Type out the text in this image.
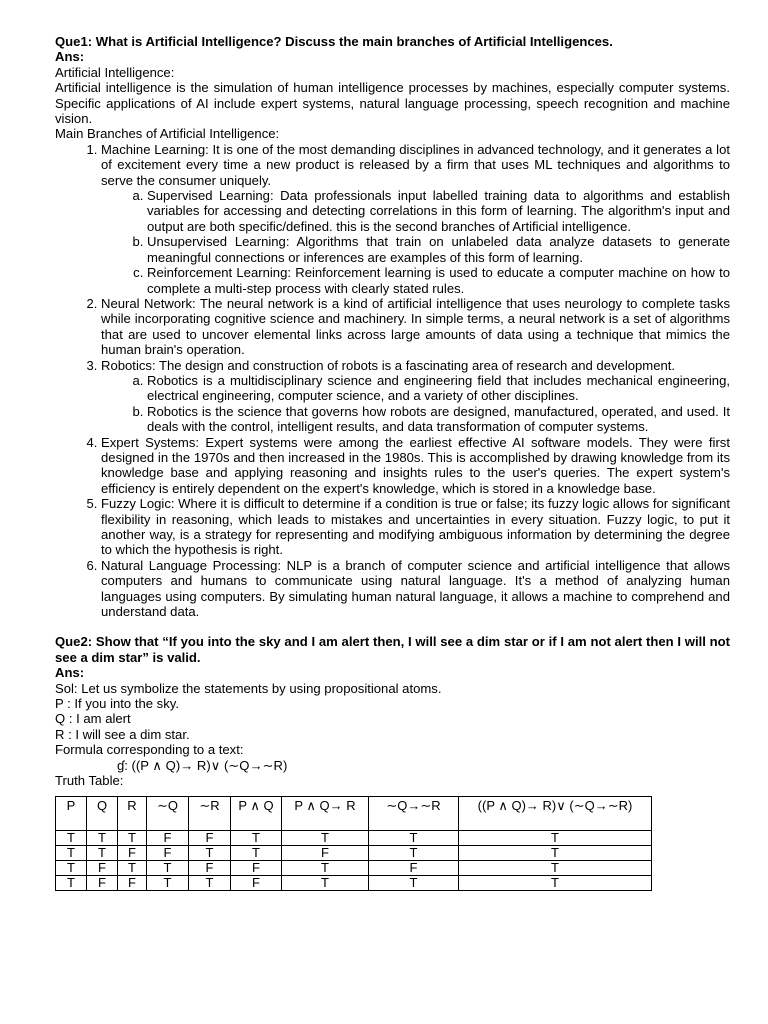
Que1: What is Artificial Intelligence? Discuss the main branches of Artificial Intelligences.
Ans:
Artificial Intelligence:
Artificial intelligence is the simulation of human intelligence processes by machines, especially computer systems. Specific applications of AI include expert systems, natural language processing, speech recognition and machine vision.
Main Branches of Artificial Intelligence:
1. Machine Learning: It is one of the most demanding disciplines in advanced technology, and it generates a lot of excitement every time a new product is released by a firm that uses ML techniques and algorithms to serve the consumer uniquely.
a. Supervised Learning: Data professionals input labelled training data to algorithms and establish variables for accessing and detecting correlations in this form of learning. The algorithm's input and output are both specific/defined. this is the second branches of Artificial intelligence.
b. Unsupervised Learning: Algorithms that train on unlabeled data analyze datasets to generate meaningful connections or inferences are examples of this form of learning.
c. Reinforcement Learning: Reinforcement learning is used to educate a computer machine on how to complete a multi-step process with clearly stated rules.
2. Neural Network: The neural network is a kind of artificial intelligence that uses neurology to complete tasks while incorporating cognitive science and machinery. In simple terms, a neural network is a set of algorithms that are used to uncover elemental links across large amounts of data using a technique that mimics the human brain's operation.
3. Robotics: The design and construction of robots is a fascinating area of research and development.
a. Robotics is a multidisciplinary science and engineering field that includes mechanical engineering, electrical engineering, computer science, and a variety of other disciplines.
b. Robotics is the science that governs how robots are designed, manufactured, operated, and used. It deals with the control, intelligent results, and data transformation of computer systems.
4. Expert Systems: Expert systems were among the earliest effective AI software models. They were first designed in the 1970s and then increased in the 1980s. This is accomplished by drawing knowledge from its knowledge base and applying reasoning and insights rules to the user's queries. The expert system's efficiency is entirely dependent on the expert's knowledge, which is stored in a knowledge base.
5. Fuzzy Logic: Where it is difficult to determine if a condition is true or false; its fuzzy logic allows for significant flexibility in reasoning, which leads to mistakes and uncertainties in every situation. Fuzzy logic, to put it another way, is a strategy for representing and modifying ambiguous information by determining the degree to which the hypothesis is right.
6. Natural Language Processing: NLP is a branch of computer science and artificial intelligence that allows computers and humans to communicate using natural language. It's a method of analyzing human languages using computers. By simulating human natural language, it allows a machine to comprehend and understand data.
Que2: Show that “If you into the sky and I am alert then, I will see a dim star or if I am not alert then I will not see a dim star” is valid.
Ans:
Sol: Let us symbolize the statements by using propositional atoms.
P : If you into the sky.
Q : I am alert
R : I will see a dim star.
Formula corresponding to a text:
ɠ: ((P ∧ Q)→ R)∨ (∼Q→∼R)
Truth Table:
P	Q	R	∼Q	∼R	P ∧ Q	P ∧ Q→ R	∼Q→∼R	((P ∧ Q)→ R)∨ (∼Q→∼R)
T	T	T	F	F	T	T	T	T
T	T	F	F	T	T	F	T	T
T	F	T	T	F	F	T	F	T
T	F	F	T	T	F	T	T	T
